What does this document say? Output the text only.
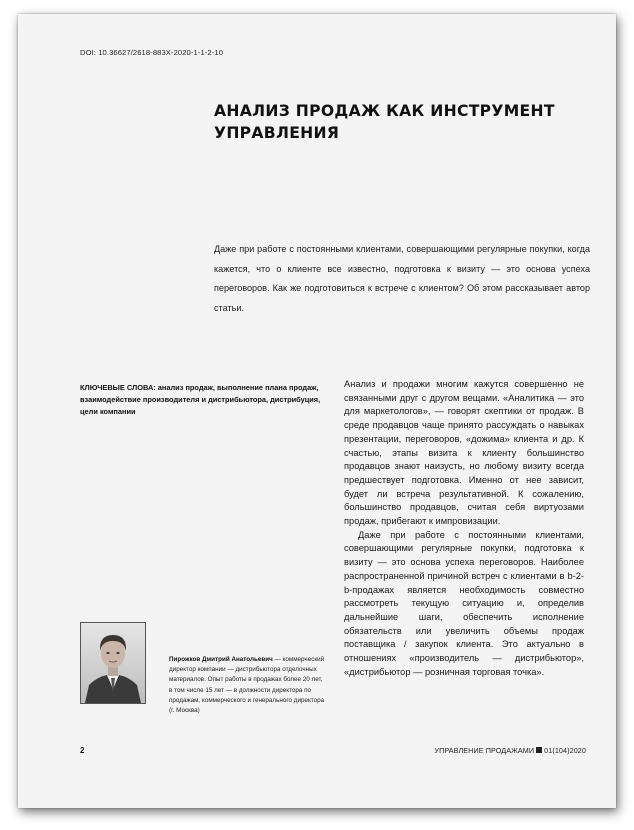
DOI: 10.36627/2618-883X-2020-1-1-2-10
АНАЛИЗ ПРОДАЖ КАК ИНСТРУМЕНТ УПРАВЛЕНИЯ
Даже при работе с постоянными клиентами, совершающими регулярные покупки, когда кажется, что о клиенте все известно, подготовка к визиту — это основа успеха переговоров. Как же подготовиться к встрече с клиентом? Об этом рассказывает автор статьи.
КЛЮЧЕВЫЕ СЛОВА: анализ продаж, выполнение плана продаж, взаимодействие производителя и дистрибьютора, дистрибуция, цели компании

Анализ и продажи многим кажутся совершенно не связанными друг с другом вещами. «Аналитика — это для маркетологов», — говорят скептики от продаж. В среде продавцов чаще принято рассуждать о навыках презентации, переговоров, «дожима» клиента и др. К счастью, этапы визита к клиенту большинство продавцов знают наизусть, но любому визиту всегда предшествует подготовка. Именно от нее зависит, будет ли встреча результативной. К сожалению, большинство продавцов, считая себя виртуозами продаж, прибегают к импровизации.

Даже при работе с постоянными клиентами, совершающими регулярные покупки, подготовка к визиту — это основа успеха переговоров. Наиболее распространенной причиной встреч с клиентами в b-2-b-продажах является необходимость совместно рассмотреть текущую ситуацию и, определив дальнейшие шаги, обеспечить исполнение обязательств или увеличить объемы продаж поставщика / закупок клиента. Это актуально в отношениях «производитель — дистрибьютор», «дистрибьютор — розничная торговая точка».

Пирожков Дмитрий Анатольевич — коммерческий директор компании — дистрибьютора отделочных материалов. Опыт работы в продажах более 20 лет, в том числе 15 лет — в должности директора по продажам, коммерческого и генерального директора (г. Москва)
2	УПРАВЛЕНИЕ ПРОДАЖАМИ 01(104)2020
